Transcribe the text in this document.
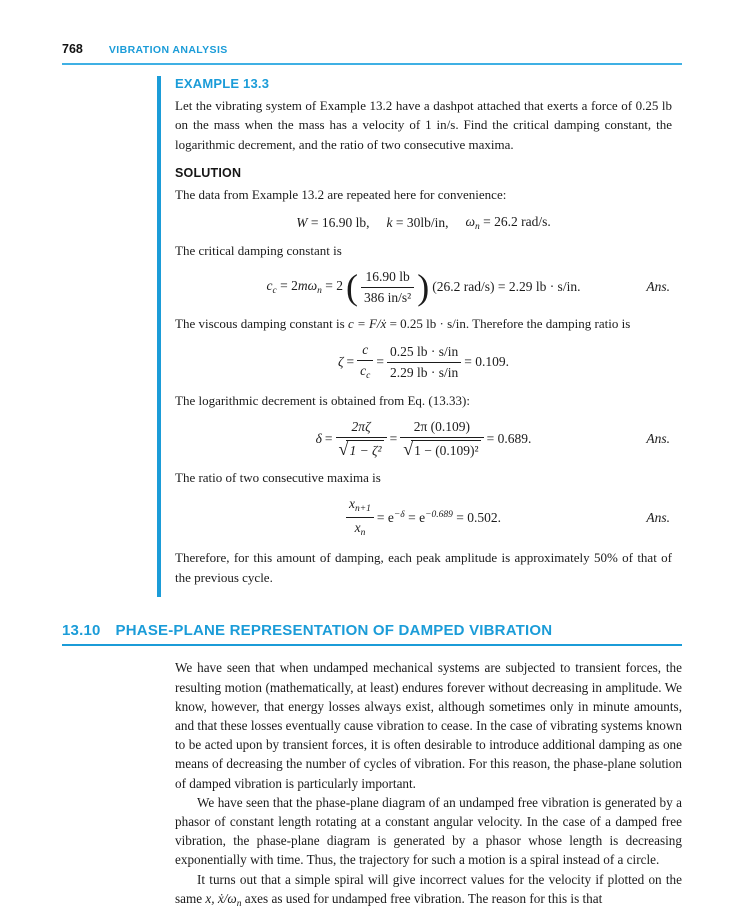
768 VIBRATION ANALYSIS
EXAMPLE 13.3

Let the vibrating system of Example 13.2 have a dashpot attached that exerts a force of 0.25 lb on the mass when the mass has a velocity of 1 in/s. Find the critical damping constant, the logarithmic decrement, and the ratio of two consecutive maxima.

SOLUTION

The data from Example 13.2 are repeated here for convenience:

W = 16.90 lb, k = 30lb/in, $\omega_n = 26.2$ rad/s.

The critical damping constant is

$c_c = 2m\omega_n = 2$ ( $\frac{16.90 lb}{\text{386 in/s²}}$ ) (26.2 rad/s) = 2.29 lb · s/in.	Ans.

The viscous damping constant is c = F/ẋ = 0.25 lb · s/in. Therefore the damping ratio is

$\zeta = \frac{c}{c_c} = \frac{0.25 lb \cdot s/in}{2.29 lb \cdot s/in} = 0.109$.

The logarithmic decrement is obtained from Eq. (13.33):

$\delta = \frac{2\pi\zeta}{\text{√ 1 − ζ²}} = \frac{2\pi (0.109)}{\text{√ 1 − (0.109)²}} = 0.689$.	Ans.

The ratio of two consecutive maxima is

$\frac{x_{n+1}}{x_n} = e^{-\delta} = e^{-0.689} = 0.502$.	Ans.

Therefore, for this amount of damping, each peak amplitude is approximately 50% of that of the previous cycle.

13.10 PHASE-PLANE REPRESENTATION OF DAMPED VIBRATION

We have seen that when undamped mechanical systems are subjected to transient forces, the resulting motion (mathematically, at least) endures forever without decreasing in amplitude. We know, however, that energy losses always exist, although sometimes only in minute amounts, and that these losses eventually cause vibration to cease. In the case of vibrating systems known to be acted upon by transient forces, it is often desirable to introduce additional damping as one means of decreasing the number of cycles of vibration. For this reason, the phase-plane solution of damped vibration is particularly important.

We have seen that the phase-plane diagram of an undamped free vibration is generated by a phasor of constant length rotating at a constant angular velocity. In the case of a damped free vibration, the phase-plane diagram is generated by a phasor whose length is decreasing exponentially with time. Thus, the trajectory for such a motion is a spiral instead of a circle.

It turns out that a simple spiral will give incorrect values for the velocity if plotted on the same x, $ẋ/\omega_n$ axes as used for undamped free vibration. The reason for this is that
